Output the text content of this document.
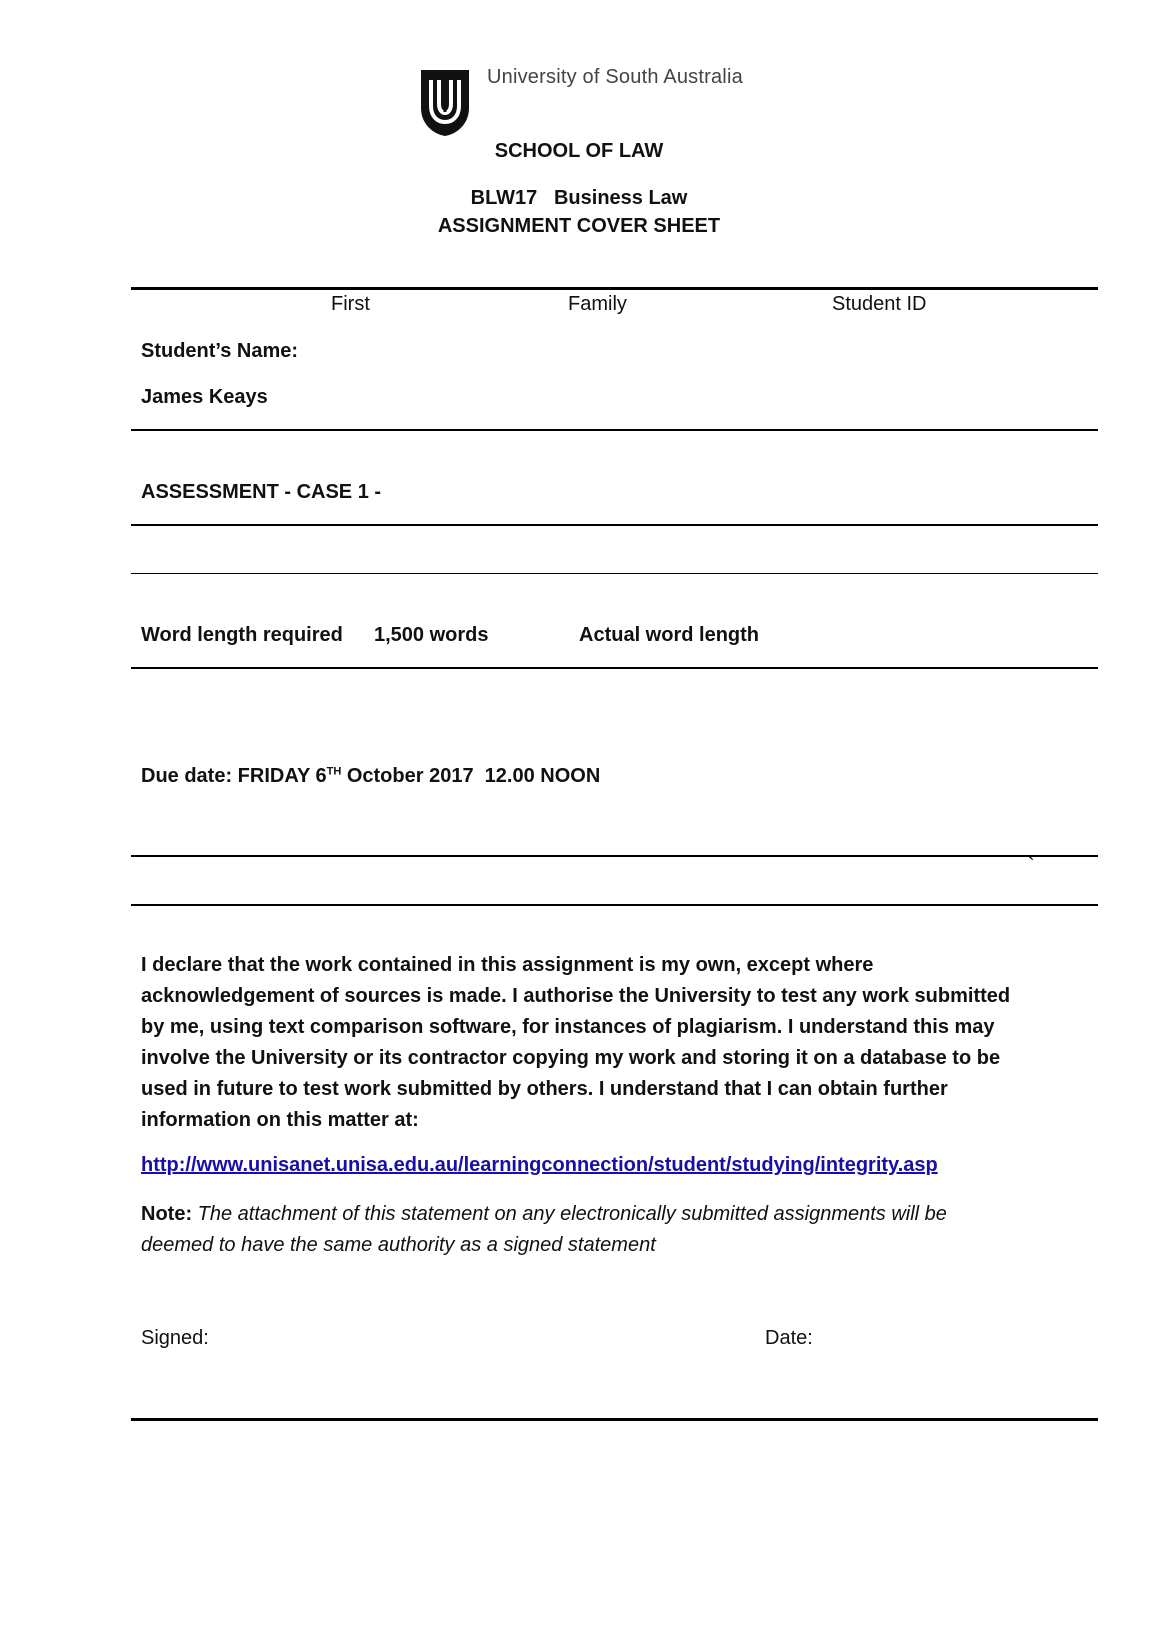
University of South Australia
SCHOOL OF LAW
BLW17   Business Law
ASSIGNMENT COVER SHEET
First	Family	Student ID
Student’s Name:
James Keays
ASSESSMENT - CASE 1 -
Word length required 1,500 words	Actual word length
Due date: FRIDAY 6TH October 2017  12.00 NOON
`
I declare that the work contained in this assignment is my own, except where acknowledgement of sources is made. I authorise the University to test any work submitted by me, using text comparison software, for instances of plagiarism. I understand this may involve the University or its contractor copying my work and storing it on a database to be used in future to test work submitted by others. I understand that I can obtain further information on this matter at:
http://www.unisanet.unisa.edu.au/learningconnection/student/studying/integrity.asp
Note: The attachment of this statement on any electronically submitted assignments will be deemed to have the same authority as a signed statement
Signed:	Date:
